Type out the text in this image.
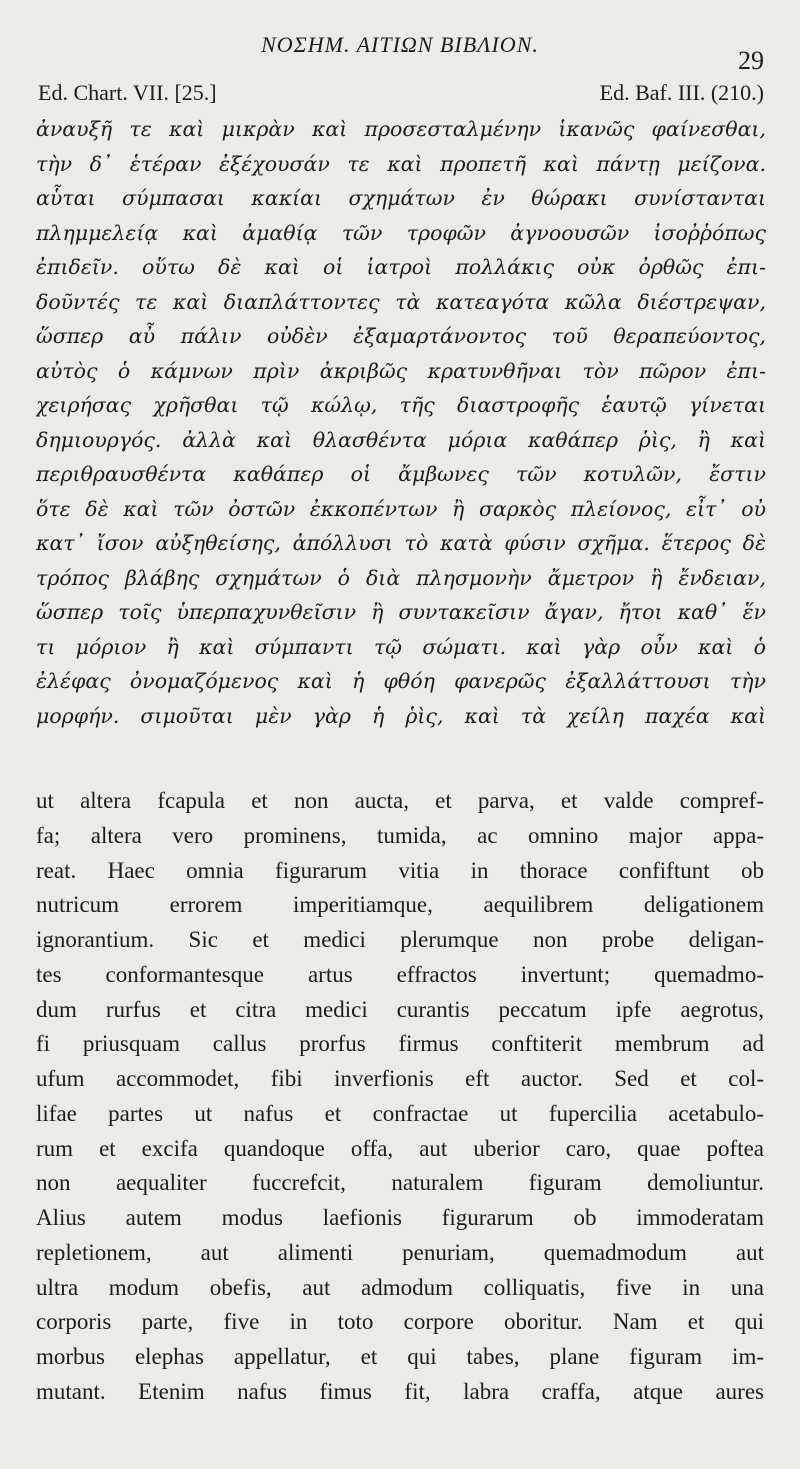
ΝΟΣΗΜ. ΑΙΤΙΩΝ ΒΙΒΛΙΟΝ.
29
Ed. Chart. VII. [25.]	Ed. Baf. III. (210.)
ἀναυξῆ τε καὶ μικρὰν καὶ προσεσταλμένην ἱκανῶς φαίνεσθαι,
τὴν δ᾽ ἑτέραν ἐξέχουσάν τε καὶ προπετῆ καὶ πάντῃ μείζονα.
αὗται σύμπασαι κακίαι σχημάτων ἐν θώρακι συνίστανται
πλημμελείᾳ καὶ ἀμαθίᾳ τῶν τροφῶν ἀγνοουσῶν ἰσοῤῥόπως
ἐπιδεῖν. οὕτω δὲ καὶ οἱ ἰατροὶ πολλάκις οὐκ ὀρθῶς ἐπι-
δοῦντές τε καὶ διαπλάττοντες τὰ κατεαγότα κῶλα διέστρεψαν,
ὥσπερ αὖ πάλιν οὐδὲν ἐξαμαρτάνοντος τοῦ θεραπεύοντος,
αὐτὸς ὁ κάμνων πρὶν ἀκριβῶς κρατυνθῆναι τὸν πῶρον ἐπι-
χειρήσας χρῆσθαι τῷ κώλῳ, τῆς διαστροφῆς ἑαυτῷ γίνεται
δημιουργός. ἀλλὰ καὶ θλασθέντα μόρια καθάπερ ῥὶς, ἢ καὶ
περιθραυσθέντα καθάπερ οἱ ἄμβωνες τῶν κοτυλῶν, ἔστιν
ὅτε δὲ καὶ τῶν ὀστῶν ἐκκοπέντων ἢ σαρκὸς πλείονος, εἶτ᾽ οὐ
κατ᾽ ἴσον αὐξηθείσης, ἀπόλλυσι τὸ κατὰ φύσιν σχῆμα. ἕτερος δὲ
τρόπος βλάβης σχημάτων ὁ διὰ πλησμονὴν ἄμετρον ἢ ἔνδειαν,
ὥσπερ τοῖς ὑπερπαχυνθεῖσιν ἢ συντακεῖσιν ἄγαν, ἤτοι καθ᾽ ἕν
τι μόριον ἢ καὶ σύμπαντι τῷ σώματι. καὶ γὰρ οὖν καὶ ὁ
ἐλέφας ὀνομαζόμενος καὶ ἡ φθόη φανερῶς ἐξαλλάττουσι τὴν
μορφήν. σιμοῦται μὲν γὰρ ἡ ῥὶς, καὶ τὰ χείλη παχέα καὶ
ut altera fcapula et non aucta, et parva, et valde compref-
fa; altera vero prominens, tumida, ac omnino major appa-
reat. Haec omnia figurarum vitia in thorace confiftunt ob
nutricum errorem imperitiamque, aequilibrem deligationem
ignorantium. Sic et medici plerumque non probe deligan-
tes conformantesque artus effractos invertunt; quemadmo-
dum rurfus et citra medici curantis peccatum ipfe aegrotus,
fi priusquam callus prorfus firmus conftiterit membrum ad
ufum accommodet, fibi inverfionis eft auctor. Sed et col-
lifae partes ut nafus et confractae ut fupercilia acetabulo-
rum et excifa quandoque offa, aut uberior caro, quae poftea
non aequaliter fuccrefcit, naturalem figuram demoliuntur.
Alius autem modus laefionis figurarum ob immoderatam
repletionem, aut alimenti penuriam, quemadmodum aut
ultra modum obefis, aut admodum colliquatis, five in una
corporis parte, five in toto corpore oboritur. Nam et qui
morbus elephas appellatur, et qui tabes, plane figuram im-
mutant. Etenim nafus fimus fit, labra craffa, atque aures
